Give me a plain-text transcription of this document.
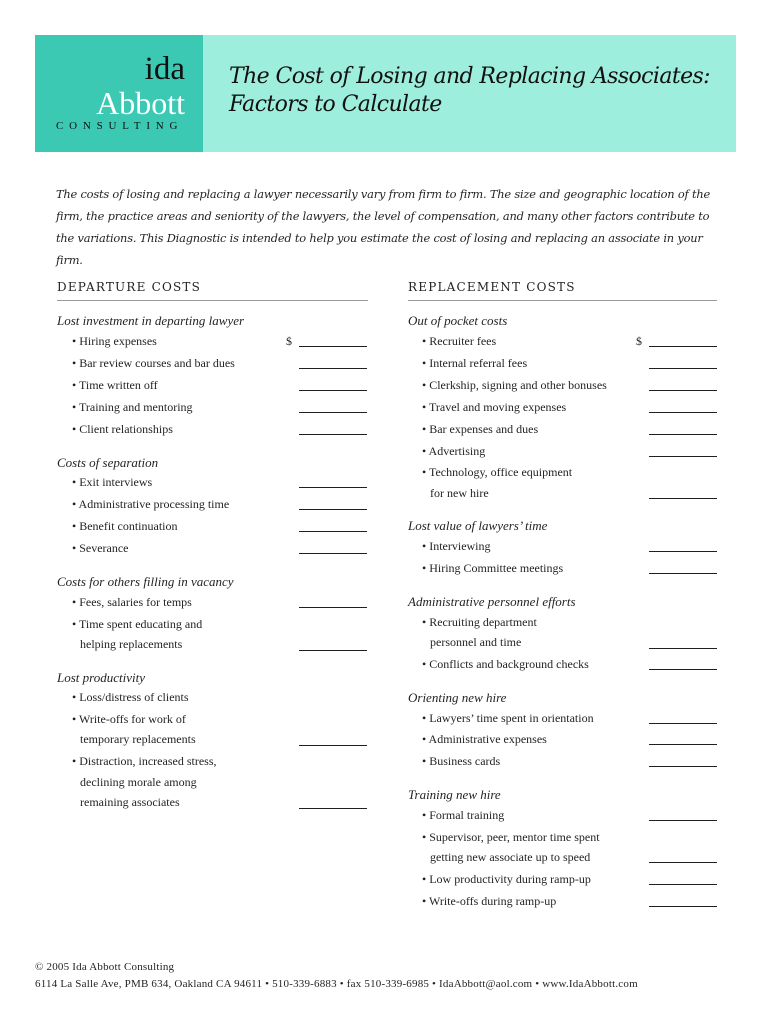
ida
Abbott
CONSULTING
The Cost of Losing and Replacing Associates:
Factors to Calculate
The costs of losing and replacing a lawyer necessarily vary from firm to firm. The size and geographic location of the firm, the practice areas and seniority of the lawyers, the level of compensation, and many other factors contribute to the variations. This Diagnostic is intended to help you estimate the cost of losing and replacing an associate in your firm.
DEPARTURE COSTS	REPLACEMENT COSTS
Lost investment in departing lawyer
• Hiring expenses	$
• Bar review courses and bar dues
• Time written off
• Training and mentoring
• Client relationships
Costs of separation
• Exit interviews
• Administrative processing time
• Benefit continuation
• Severance
Costs for others filling in vacancy
• Fees, salaries for temps
• Time spent educating and
helping replacements
Lost productivity
• Loss/distress of clients
• Write-offs for work of
temporary replacements
• Distraction, increased stress,
declining morale among
remaining associates
Out of pocket costs
• Recruiter fees	$
• Internal referral fees
• Clerkship, signing and other bonuses
• Travel and moving expenses
• Bar expenses and dues
• Advertising
• Technology, office equipment
for new hire
Lost value of lawyers’ time
• Interviewing
• Hiring Committee meetings
Administrative personnel efforts
• Recruiting department
personnel and time
• Conflicts and background checks
Orienting new hire
• Lawyers’ time spent in orientation
• Administrative expenses
• Business cards
Training new hire
• Formal training
• Supervisor, peer, mentor time spent
getting new associate up to speed
• Low productivity during ramp-up
• Write-offs during ramp-up
© 2005 Ida Abbott Consulting
6114 La Salle Ave, PMB 634, Oakland CA 94611 • 510-339-6883 • fax 510-339-6985 • IdaAbbott@aol.com • www.IdaAbbott.com
